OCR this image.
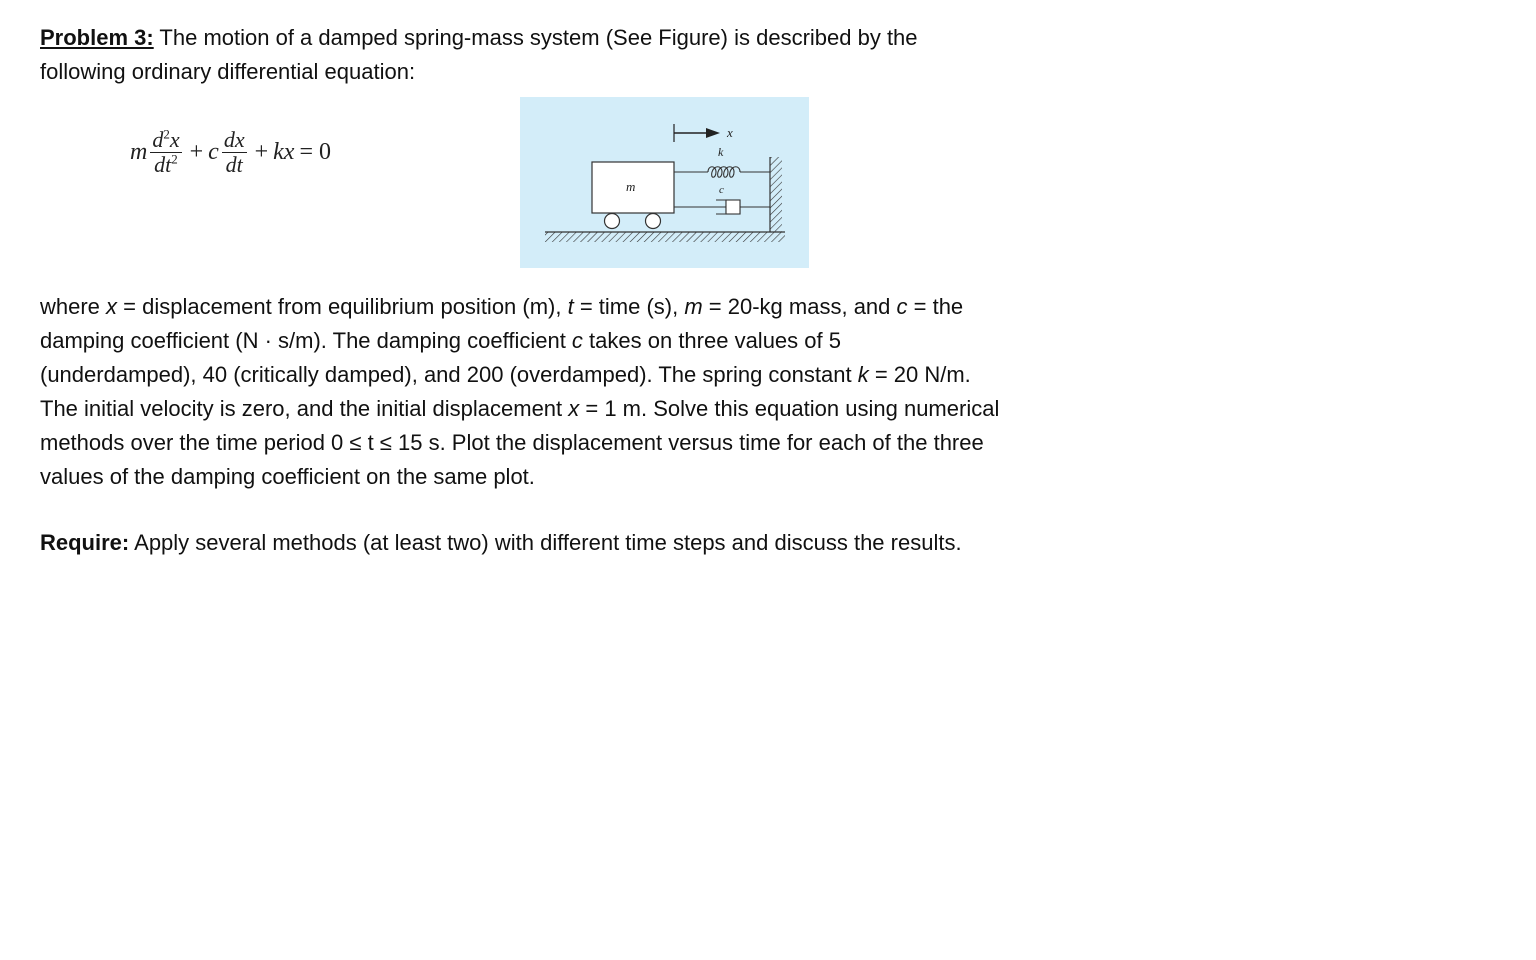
Problem 3: The motion of a damped spring-mass system (See Figure) is described by the following ordinary differential equation:

m $\frac{d^2x}{dt^2} + c \frac{dx}{dt}$ + kx = 0
x
k
c
m

where x = displacement from equilibrium position (m), t = time (s), m = 20-kg mass, and c = the damping coefficient (N · s/m). The damping coefficient c takes on three values of 5 (underdamped), 40 (critically damped), and 200 (overdamped). The spring constant k = 20 N/m. The initial velocity is zero, and the initial displacement x = 1 m. Solve this equation using numerical methods over the time period 0 ≤ t ≤ 15 s. Plot the displacement versus time for each of the three values of the damping coefficient on the same plot.

Require: Apply several methods (at least two) with different time steps and discuss the results.
